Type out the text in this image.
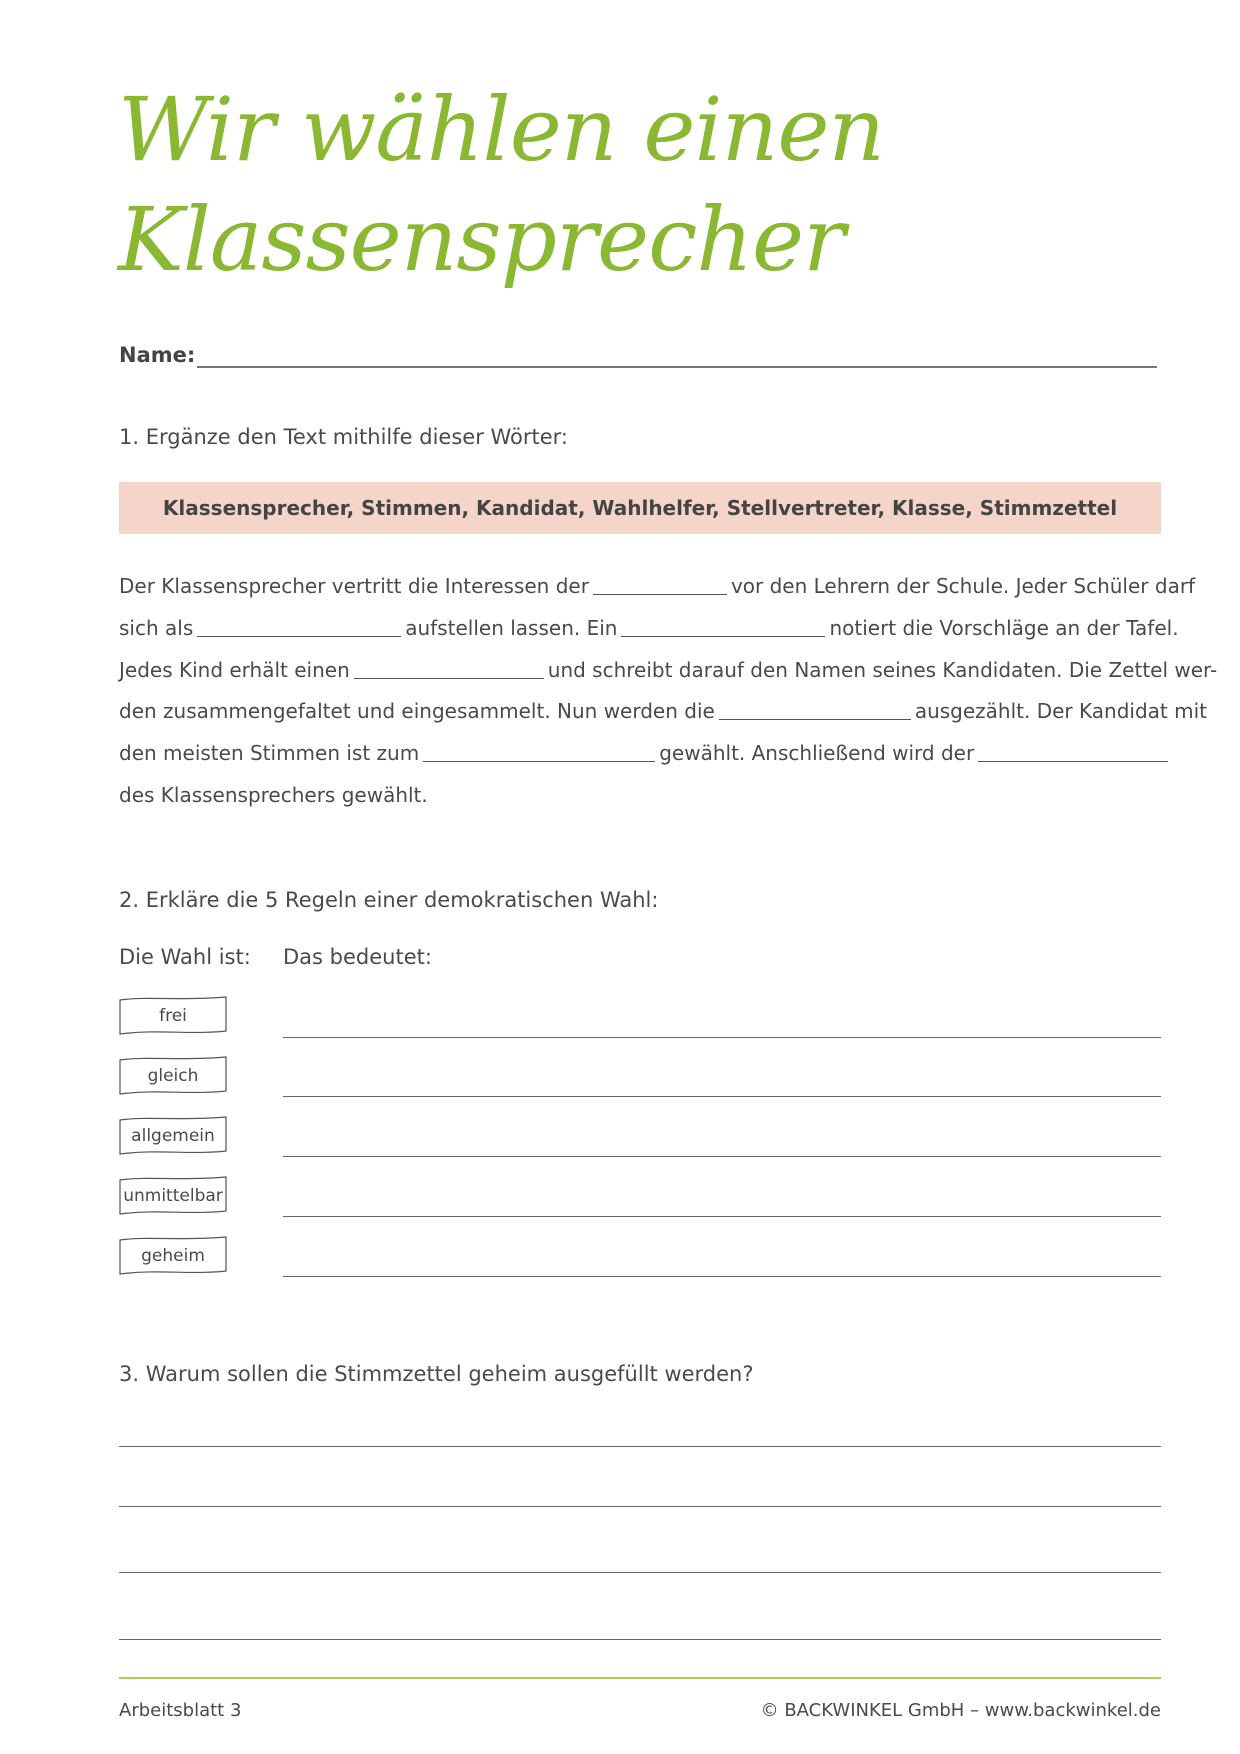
Wir wählen einen
Klassensprecher
Name:
1. Ergänze den Text mithilfe dieser Wörter:
Klassensprecher, Stimmen, Kandidat, Wahlhelfer, Stellvertreter, Klasse, Stimmzettel
Der Klassensprecher vertritt die Interessen der	vor den Lehrern der Schule. Jeder Schüler darf
sich als	aufstellen lassen. Ein	notiert die Vorschläge an der Tafel.
Jedes Kind erhält einen	und schreibt darauf den Namen seines Kandidaten. Die Zettel wer-
den zusammengefaltet und eingesammelt. Nun werden die	ausgezählt. Der Kandidat mit
den meisten Stimmen ist zum	gewählt. Anschließend wird der
des Klassensprechers gewählt.
2. Erkläre die 5 Regeln einer demokratischen Wahl:
Die Wahl ist: Das bedeutet:
frei
gleich
allgemein
unmittelbar
geheim
3. Warum sollen die Stimmzettel geheim ausgefüllt werden?
Arbeitsblatt 3	© BACKWINKEL GmbH – www.backwinkel.de
